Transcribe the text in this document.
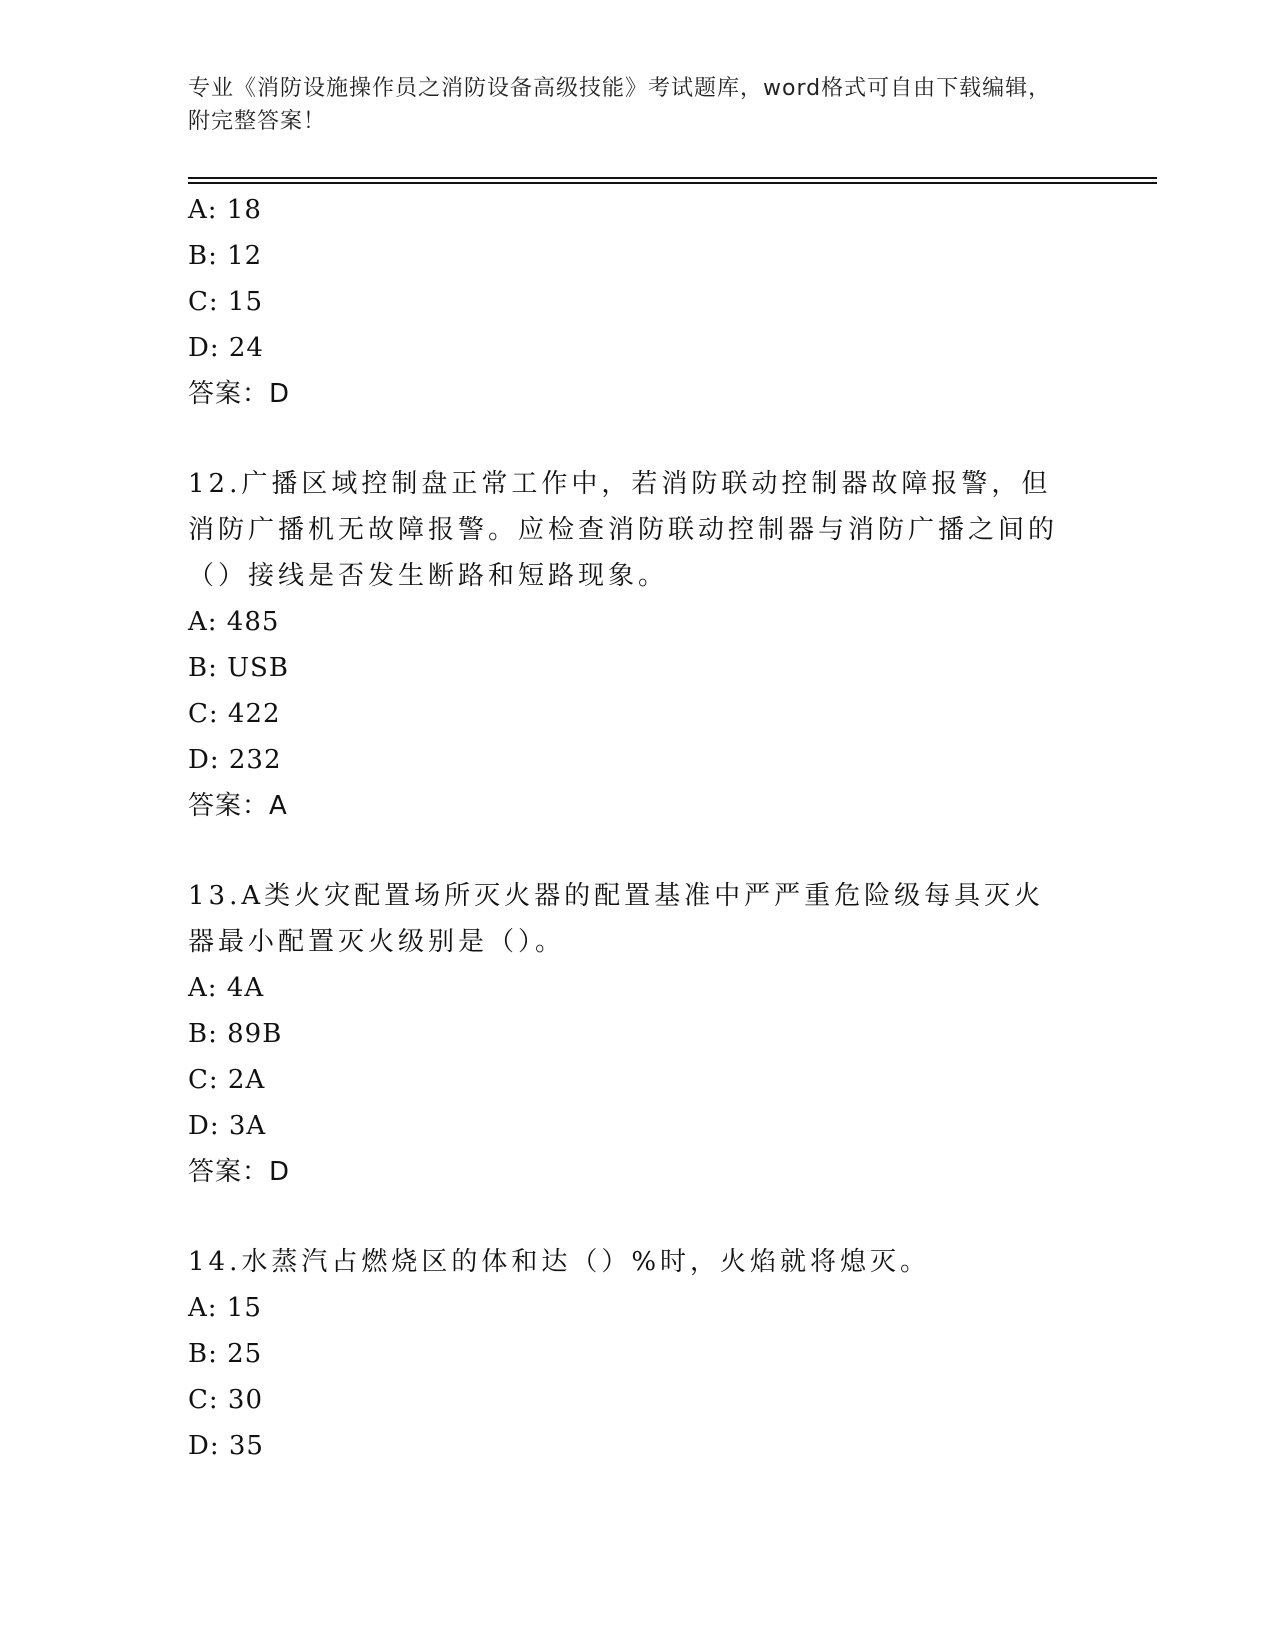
专业《消防设施操作员之消防设备高级技能》考试题库，word格式可自由下载编辑，附完整答案！
A: 18
B: 12
C: 15
D: 24
答案：D
12.广播区域控制盘正常工作中，若消防联动控制器故障报警，但消防广播机无故障报警。应检查消防联动控制器与消防广播之间的（）接线是否发生断路和短路现象。
A: 485
B: USB
C: 422
D: 232
答案：A
13.A类火灾配置场所灭火器的配置基准中严严重危险级每具灭火器最小配置灭火级别是（）。
A: 4A
B: 89B
C: 2A
D: 3A
答案：D
14.水蒸汽占燃烧区的体和达（）%时，火焰就将熄灭。
A: 15
B: 25
C: 30
D: 35
